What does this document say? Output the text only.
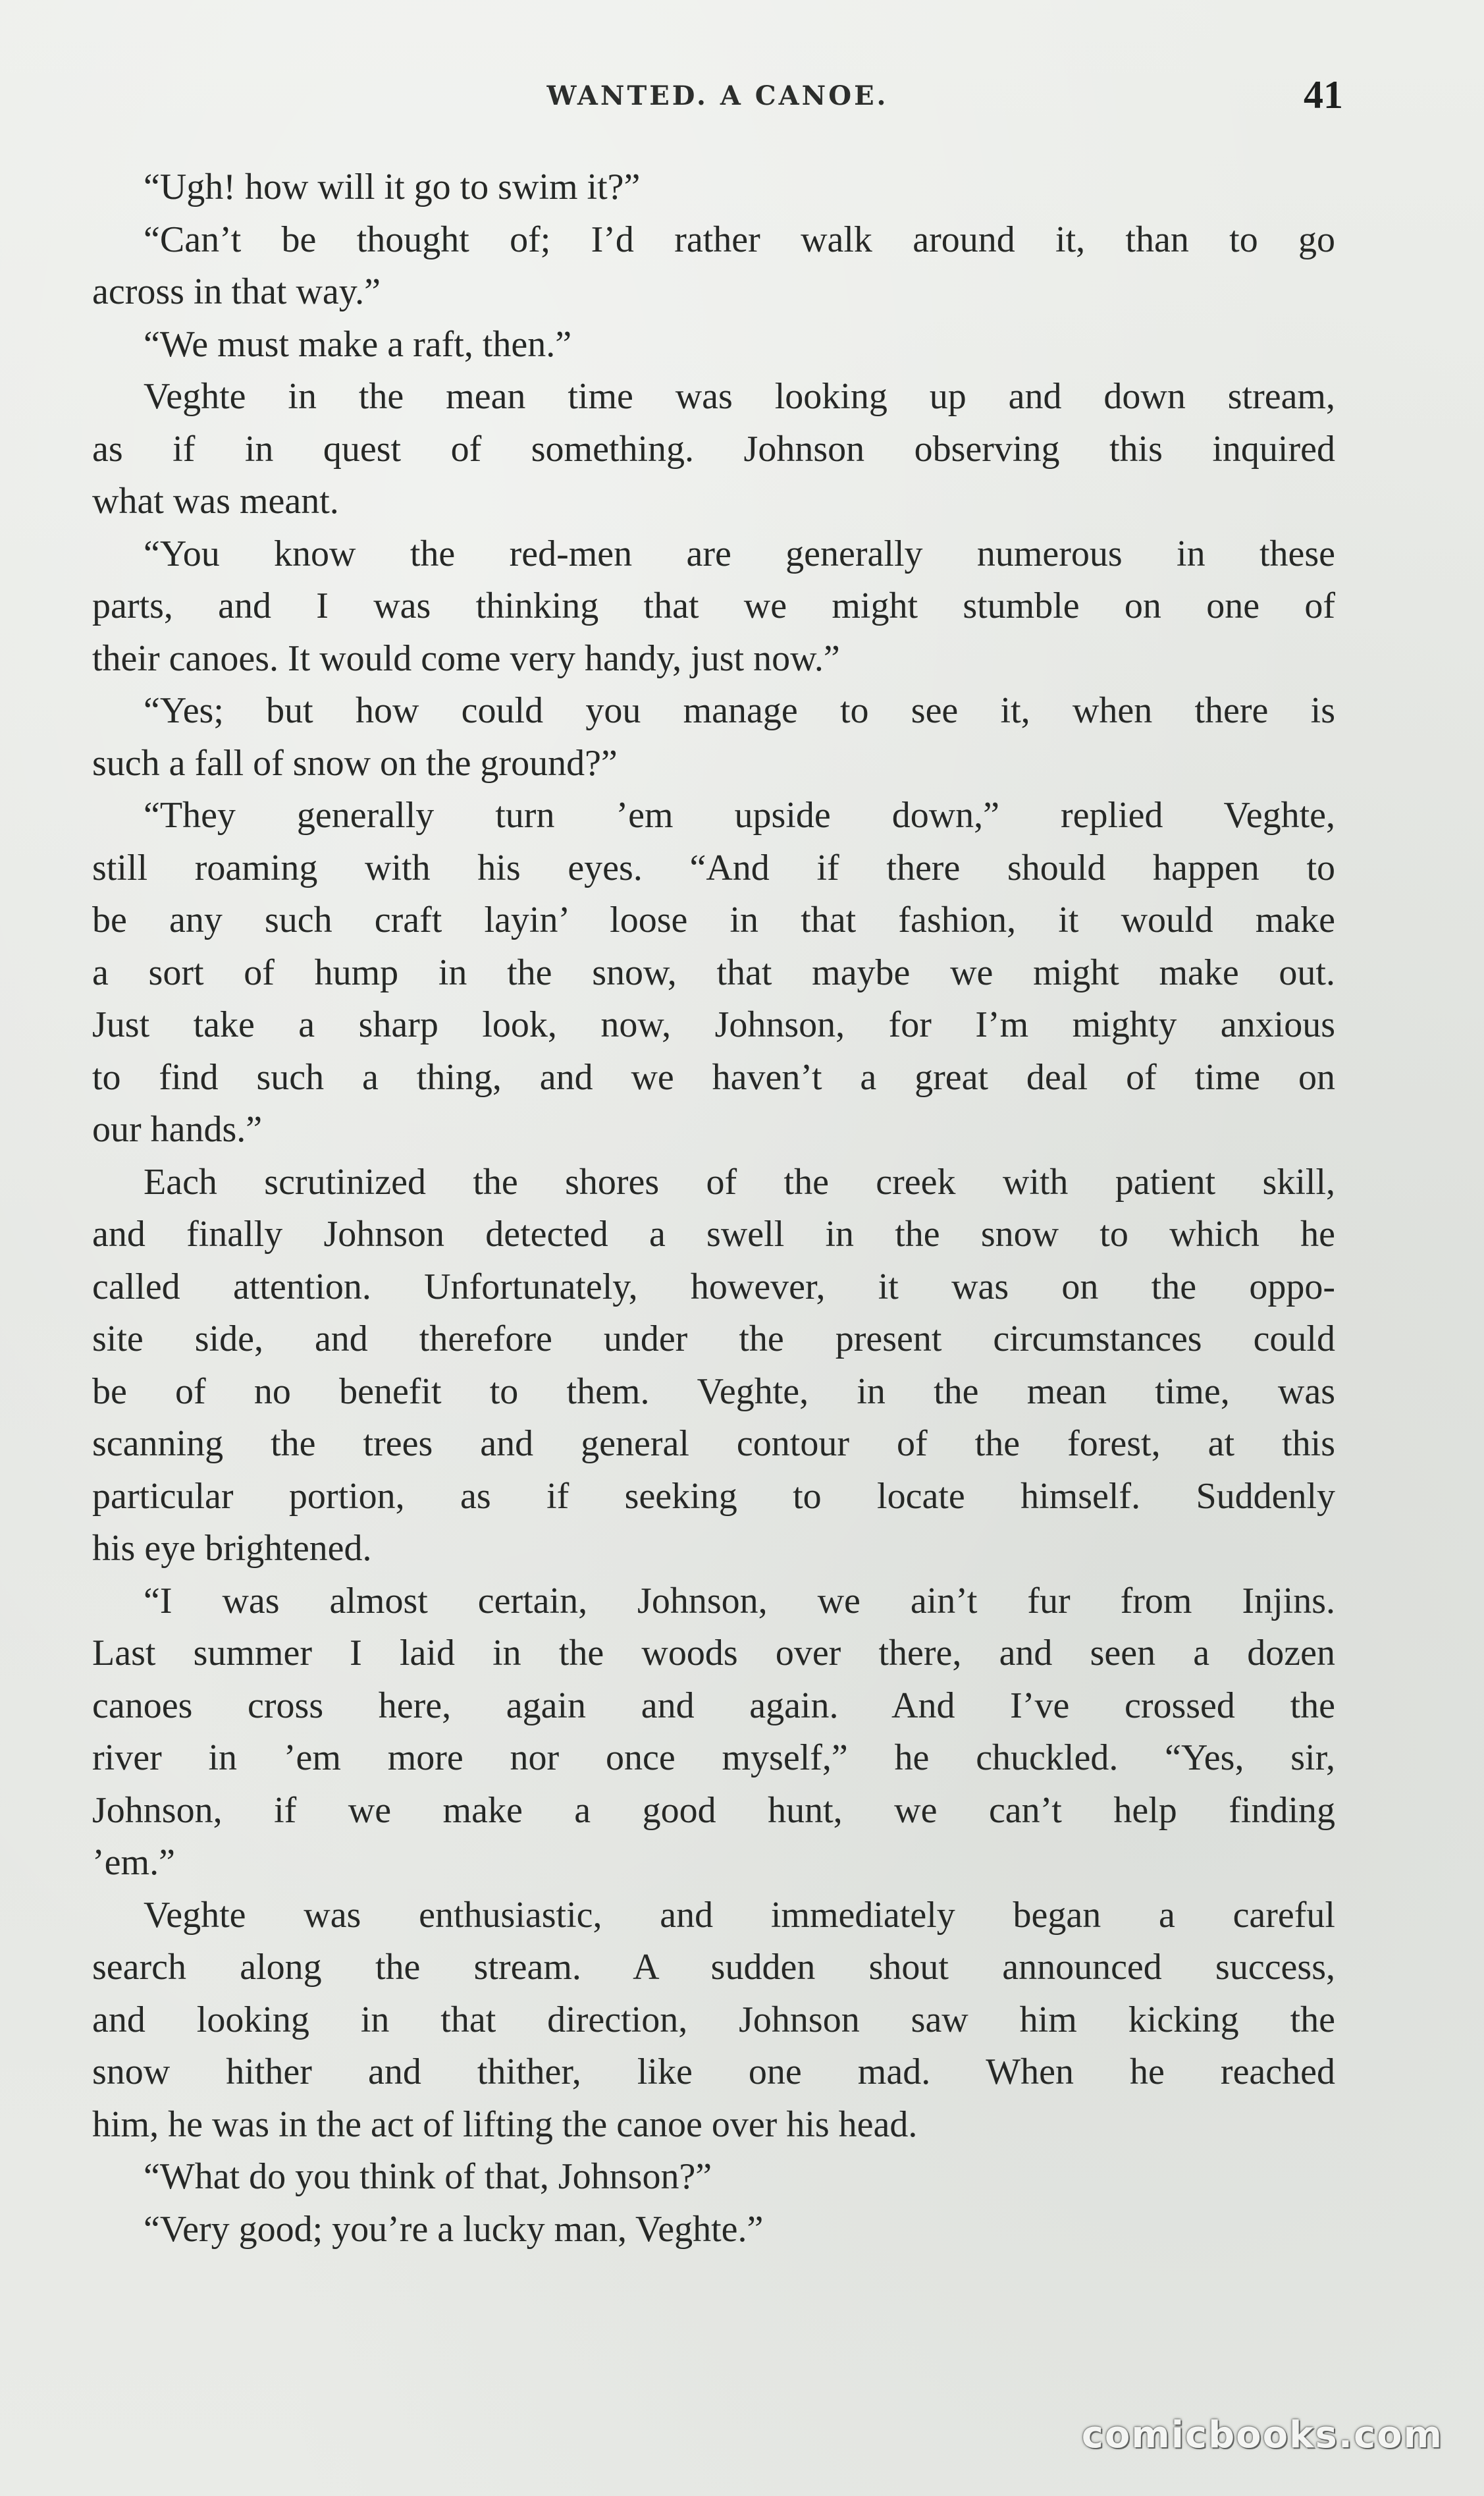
WANTED. A CANOE.	41
“Ugh! how will it go to swim it?”
“Can’t be thought of; I’d rather walk around it, than to go
across in that way.”
“We must make a raft, then.”
Veghte in the mean time was looking up and down stream,
as if in quest of something. Johnson observing this inquired
what was meant.
“You know the red-men are generally numerous in these
parts, and I was thinking that we might stumble on one of
their canoes. It would come very handy, just now.”
“Yes; but how could you manage to see it, when there is
such a fall of snow on the ground?”
“They generally turn ’em upside down,” replied Veghte,
still roaming with his eyes. “And if there should happen to
be any such craft layin’ loose in that fashion, it would make
a sort of hump in the snow, that maybe we might make out.
Just take a sharp look, now, Johnson, for I’m mighty anxious
to find such a thing, and we haven’t a great deal of time on
our hands.”
Each scrutinized the shores of the creek with patient skill,
and finally Johnson detected a swell in the snow to which he
called attention. Unfortunately, however, it was on the oppo-
site side, and therefore under the present circumstances could
be of no benefit to them. Veghte, in the mean time, was
scanning the trees and general contour of the forest, at this
particular portion, as if seeking to locate himself. Suddenly
his eye brightened.
“I was almost certain, Johnson, we ain’t fur from Injins.
Last summer I laid in the woods over there, and seen a dozen
canoes cross here, again and again. And I’ve crossed the
river in ’em more nor once myself,” he chuckled. “Yes, sir,
Johnson, if we make a good hunt, we can’t help finding
’em.”
Veghte was enthusiastic, and immediately began a careful
search along the stream. A sudden shout announced success,
and looking in that direction, Johnson saw him kicking the
snow hither and thither, like one mad. When he reached
him, he was in the act of lifting the canoe over his head.
“What do you think of that, Johnson?”
“Very good; you’re a lucky man, Veghte.”
comicbooks.com
